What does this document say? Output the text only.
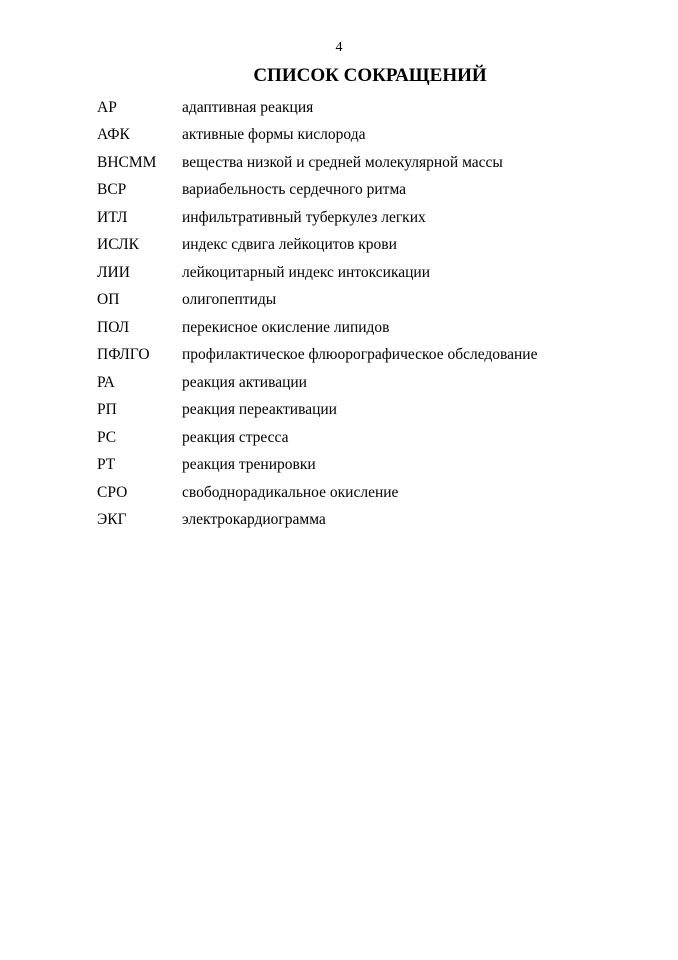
4
СПИСОК СОКРАЩЕНИЙ
АР	адаптивная реакция
АФК	активные формы кислорода
ВНСММ	вещества низкой и средней молекулярной массы
ВСР	вариабельность сердечного ритма
ИТЛ	инфильтративный туберкулез легких
ИСЛК	индекс сдвига лейкоцитов крови
ЛИИ	лейкоцитарный индекс интоксикации
ОП	олигопептиды
ПОЛ	перекисное окисление липидов
ПФЛГО	профилактическое флюорографическое обследование
РА	реакция активации
РП	реакция переактивации
РС	реакция стресса
РТ	реакция тренировки
СРО	свободнорадикальное окисление
ЭКГ	электрокардиограмма
